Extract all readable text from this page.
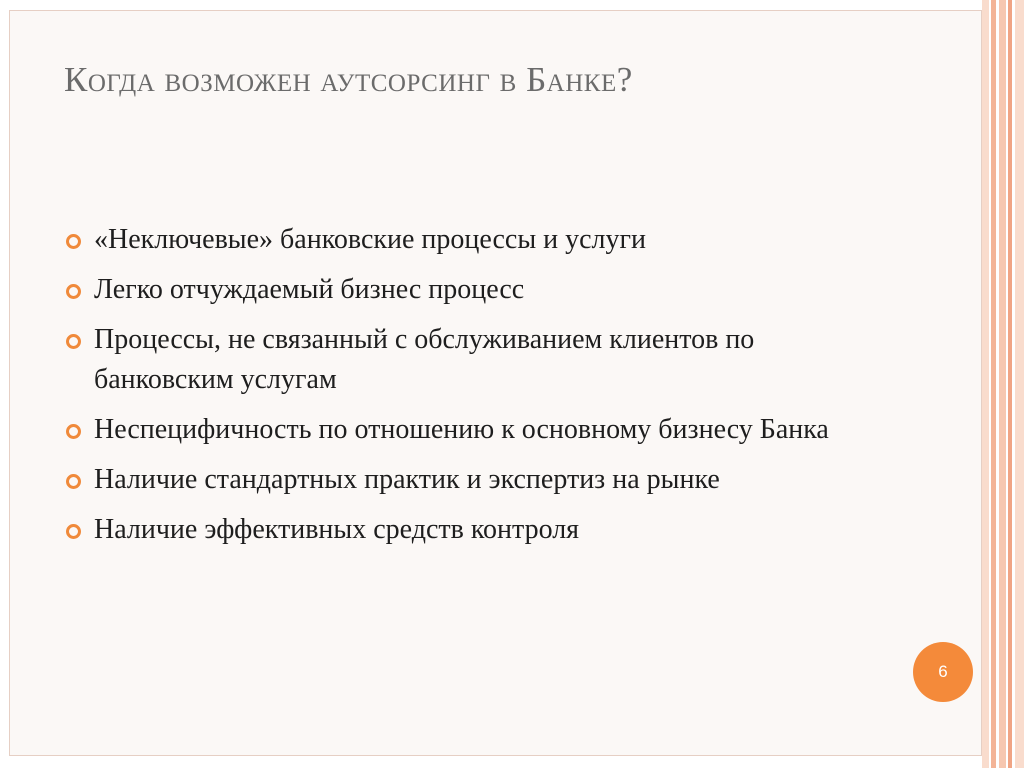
Когда возможен аутсорсинг в Банке?
«Неключевые» банковские процессы и услуги
Легко отчуждаемый бизнес процесс
Процессы, не связанный с обслуживанием клиентов по банковским услугам
Неспецифичность по отношению к основному бизнесу Банка
Наличие стандартных практик и экспертиз на рынке
Наличие эффективных средств контроля
6
